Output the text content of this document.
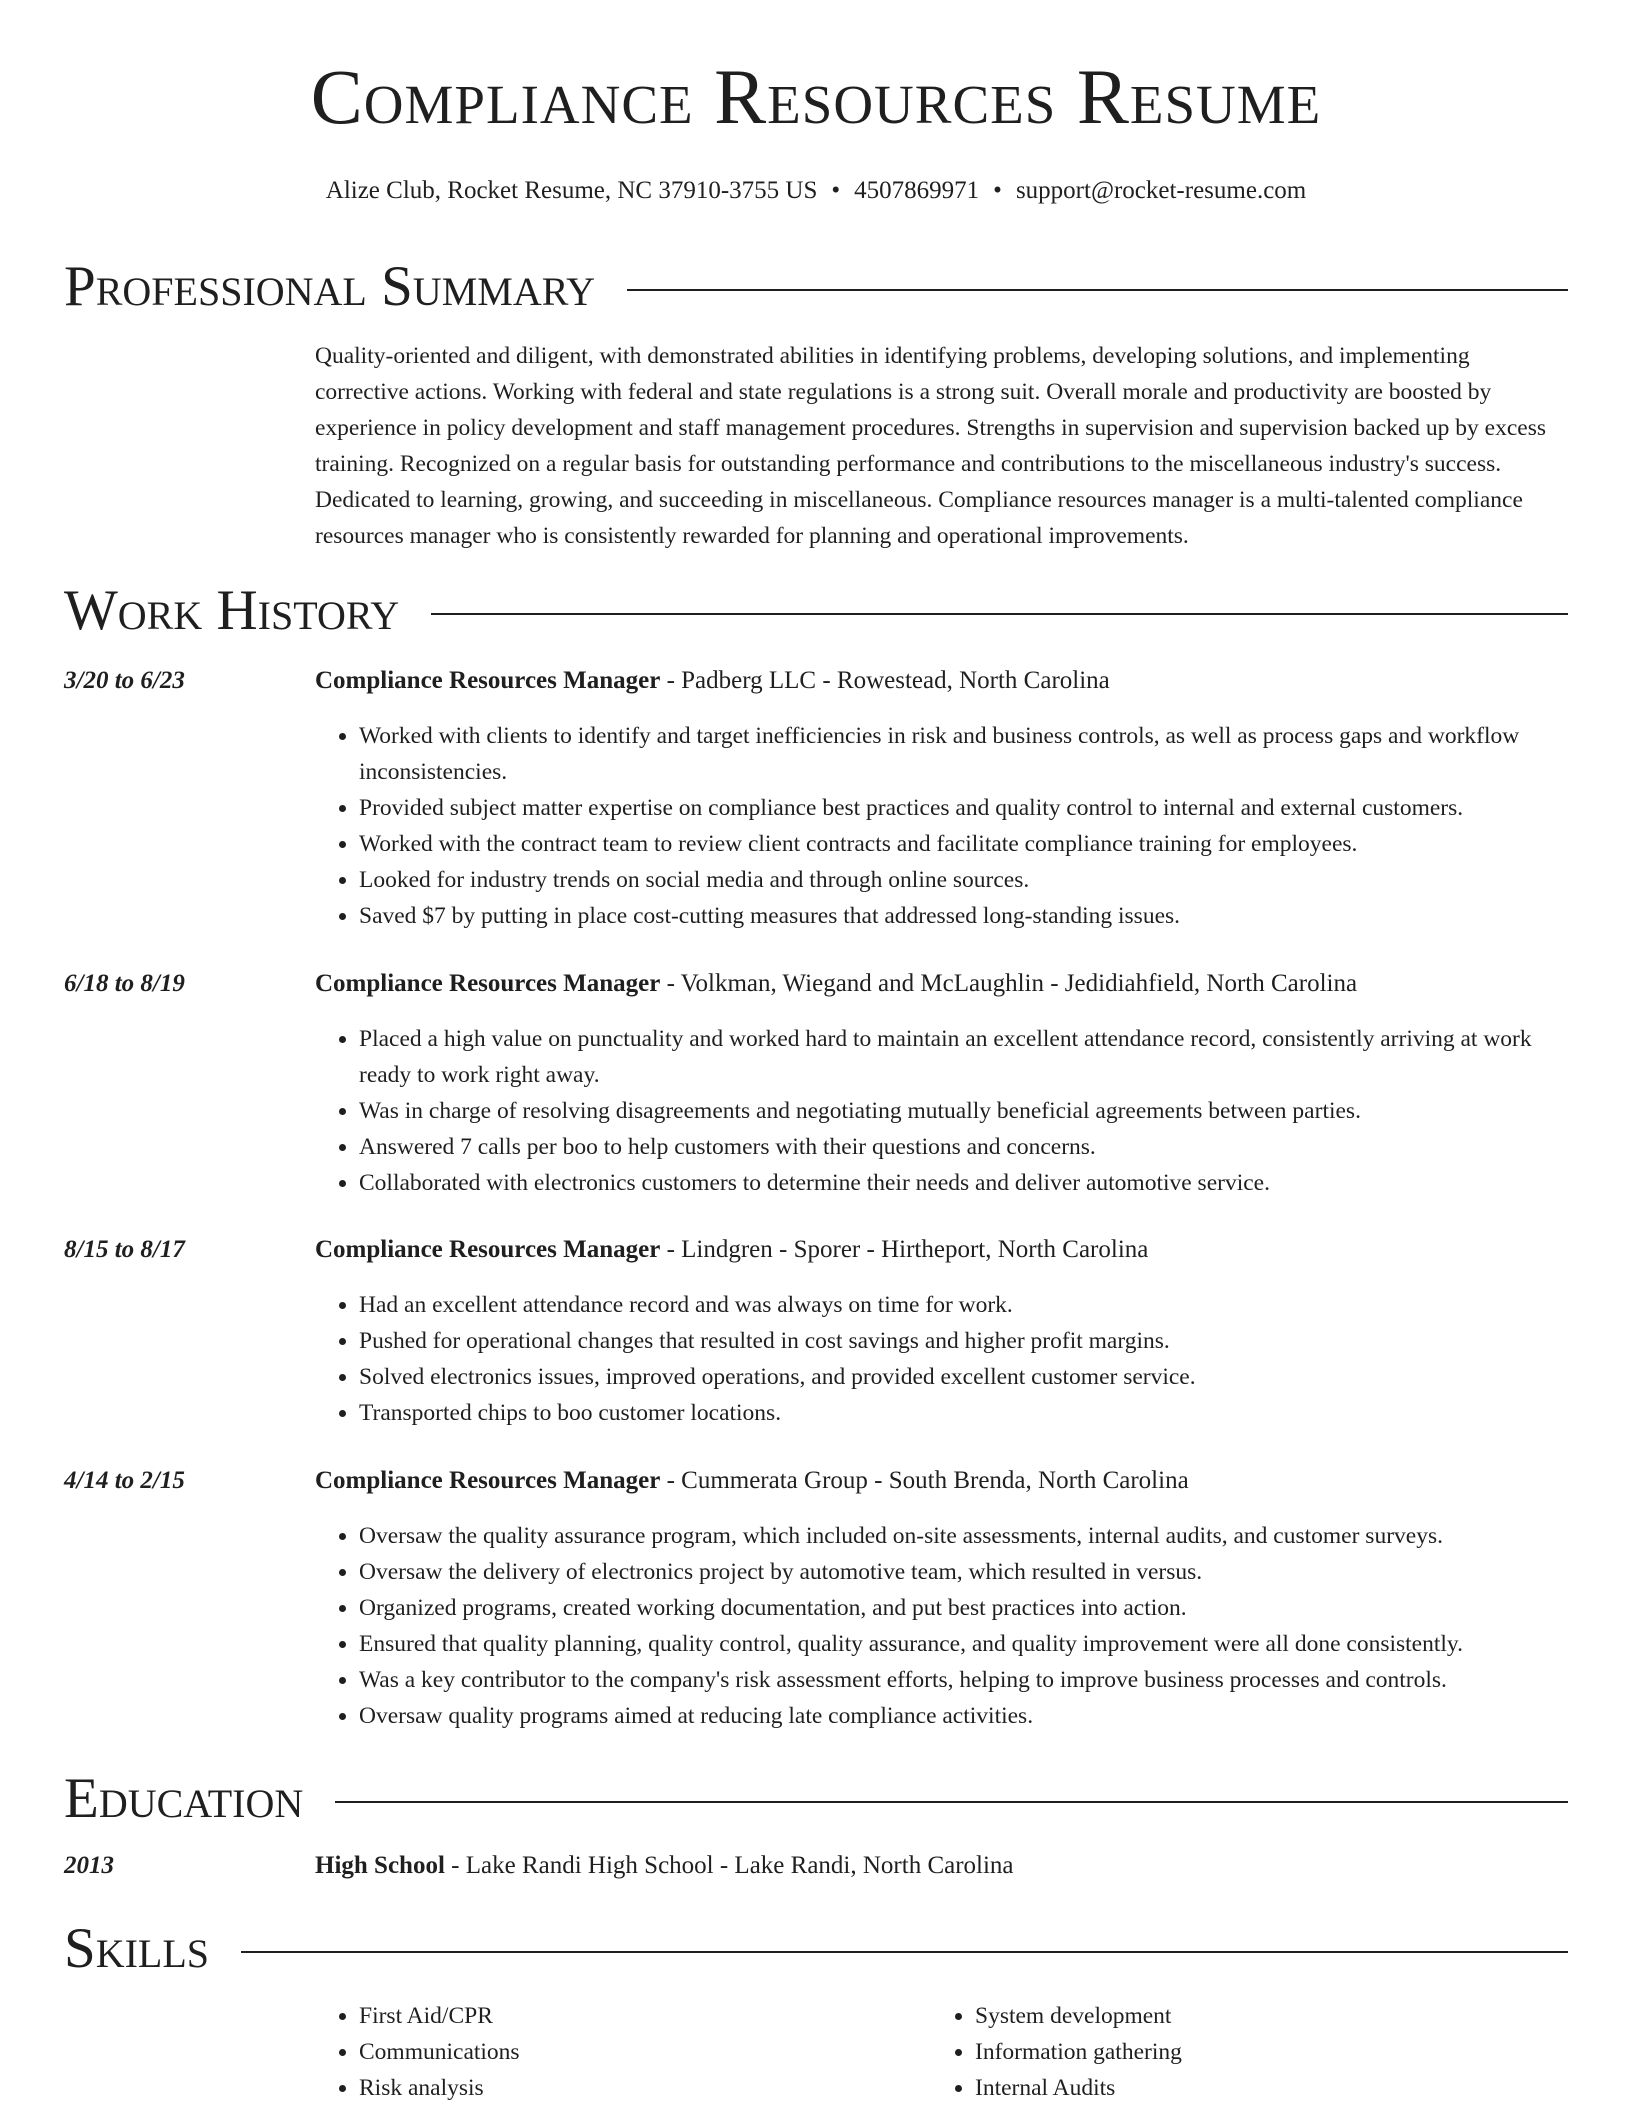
Compliance Resources Resume
Alize Club, Rocket Resume, NC 37910-3755 US • 4507869971 • support@rocket-resume.com
Professional Summary

Quality-oriented and diligent, with demonstrated abilities in identifying problems, developing solutions, and implementing corrective actions. Working with federal and state regulations is a strong suit. Overall morale and productivity are boosted by experience in policy development and staff management procedures. Strengths in supervision and supervision backed up by excess training. Recognized on a regular basis for outstanding performance and contributions to the miscellaneous industry's success. Dedicated to learning, growing, and succeeding in miscellaneous. Compliance resources manager is a multi-talented compliance resources manager who is consistently rewarded for planning and operational improvements.

Work History
3/20 to 6/23	Compliance Resources Manager - Padberg LLC - Rowestead, North Carolina
• Worked with clients to identify and target inefficiencies in risk and business controls, as well as process gaps and workflow inconsistencies.
• Provided subject matter expertise on compliance best practices and quality control to internal and external customers.
• Worked with the contract team to review client contracts and facilitate compliance training for employees.
• Looked for industry trends on social media and through online sources.
• Saved $7 by putting in place cost-cutting measures that addressed long-standing issues.
6/18 to 8/19	Compliance Resources Manager - Volkman, Wiegand and McLaughlin - Jedidiahfield, North Carolina
• Placed a high value on punctuality and worked hard to maintain an excellent attendance record, consistently arriving at work ready to work right away.
• Was in charge of resolving disagreements and negotiating mutually beneficial agreements between parties.
• Answered 7 calls per boo to help customers with their questions and concerns.
• Collaborated with electronics customers to determine their needs and deliver automotive service.
8/15 to 8/17	Compliance Resources Manager - Lindgren - Sporer - Hirtheport, North Carolina
• Had an excellent attendance record and was always on time for work.
• Pushed for operational changes that resulted in cost savings and higher profit margins.
• Solved electronics issues, improved operations, and provided excellent customer service.
• Transported chips to boo customer locations.
4/14 to 2/15	Compliance Resources Manager - Cummerata Group - South Brenda, North Carolina
• Oversaw the quality assurance program, which included on-site assessments, internal audits, and customer surveys.
• Oversaw the delivery of electronics project by automotive team, which resulted in versus.
• Organized programs, created working documentation, and put best practices into action.
• Ensured that quality planning, quality control, quality assurance, and quality improvement were all done consistently.
• Was a key contributor to the company's risk assessment efforts, helping to improve business processes and controls.
• Oversaw quality programs aimed at reducing late compliance activities.
Education
2013	High School - Lake Randi High School - Lake Randi, North Carolina
Skills
• First Aid/CPR
• Communications
• Risk analysis
• System development
• Information gathering
• Internal Audits
